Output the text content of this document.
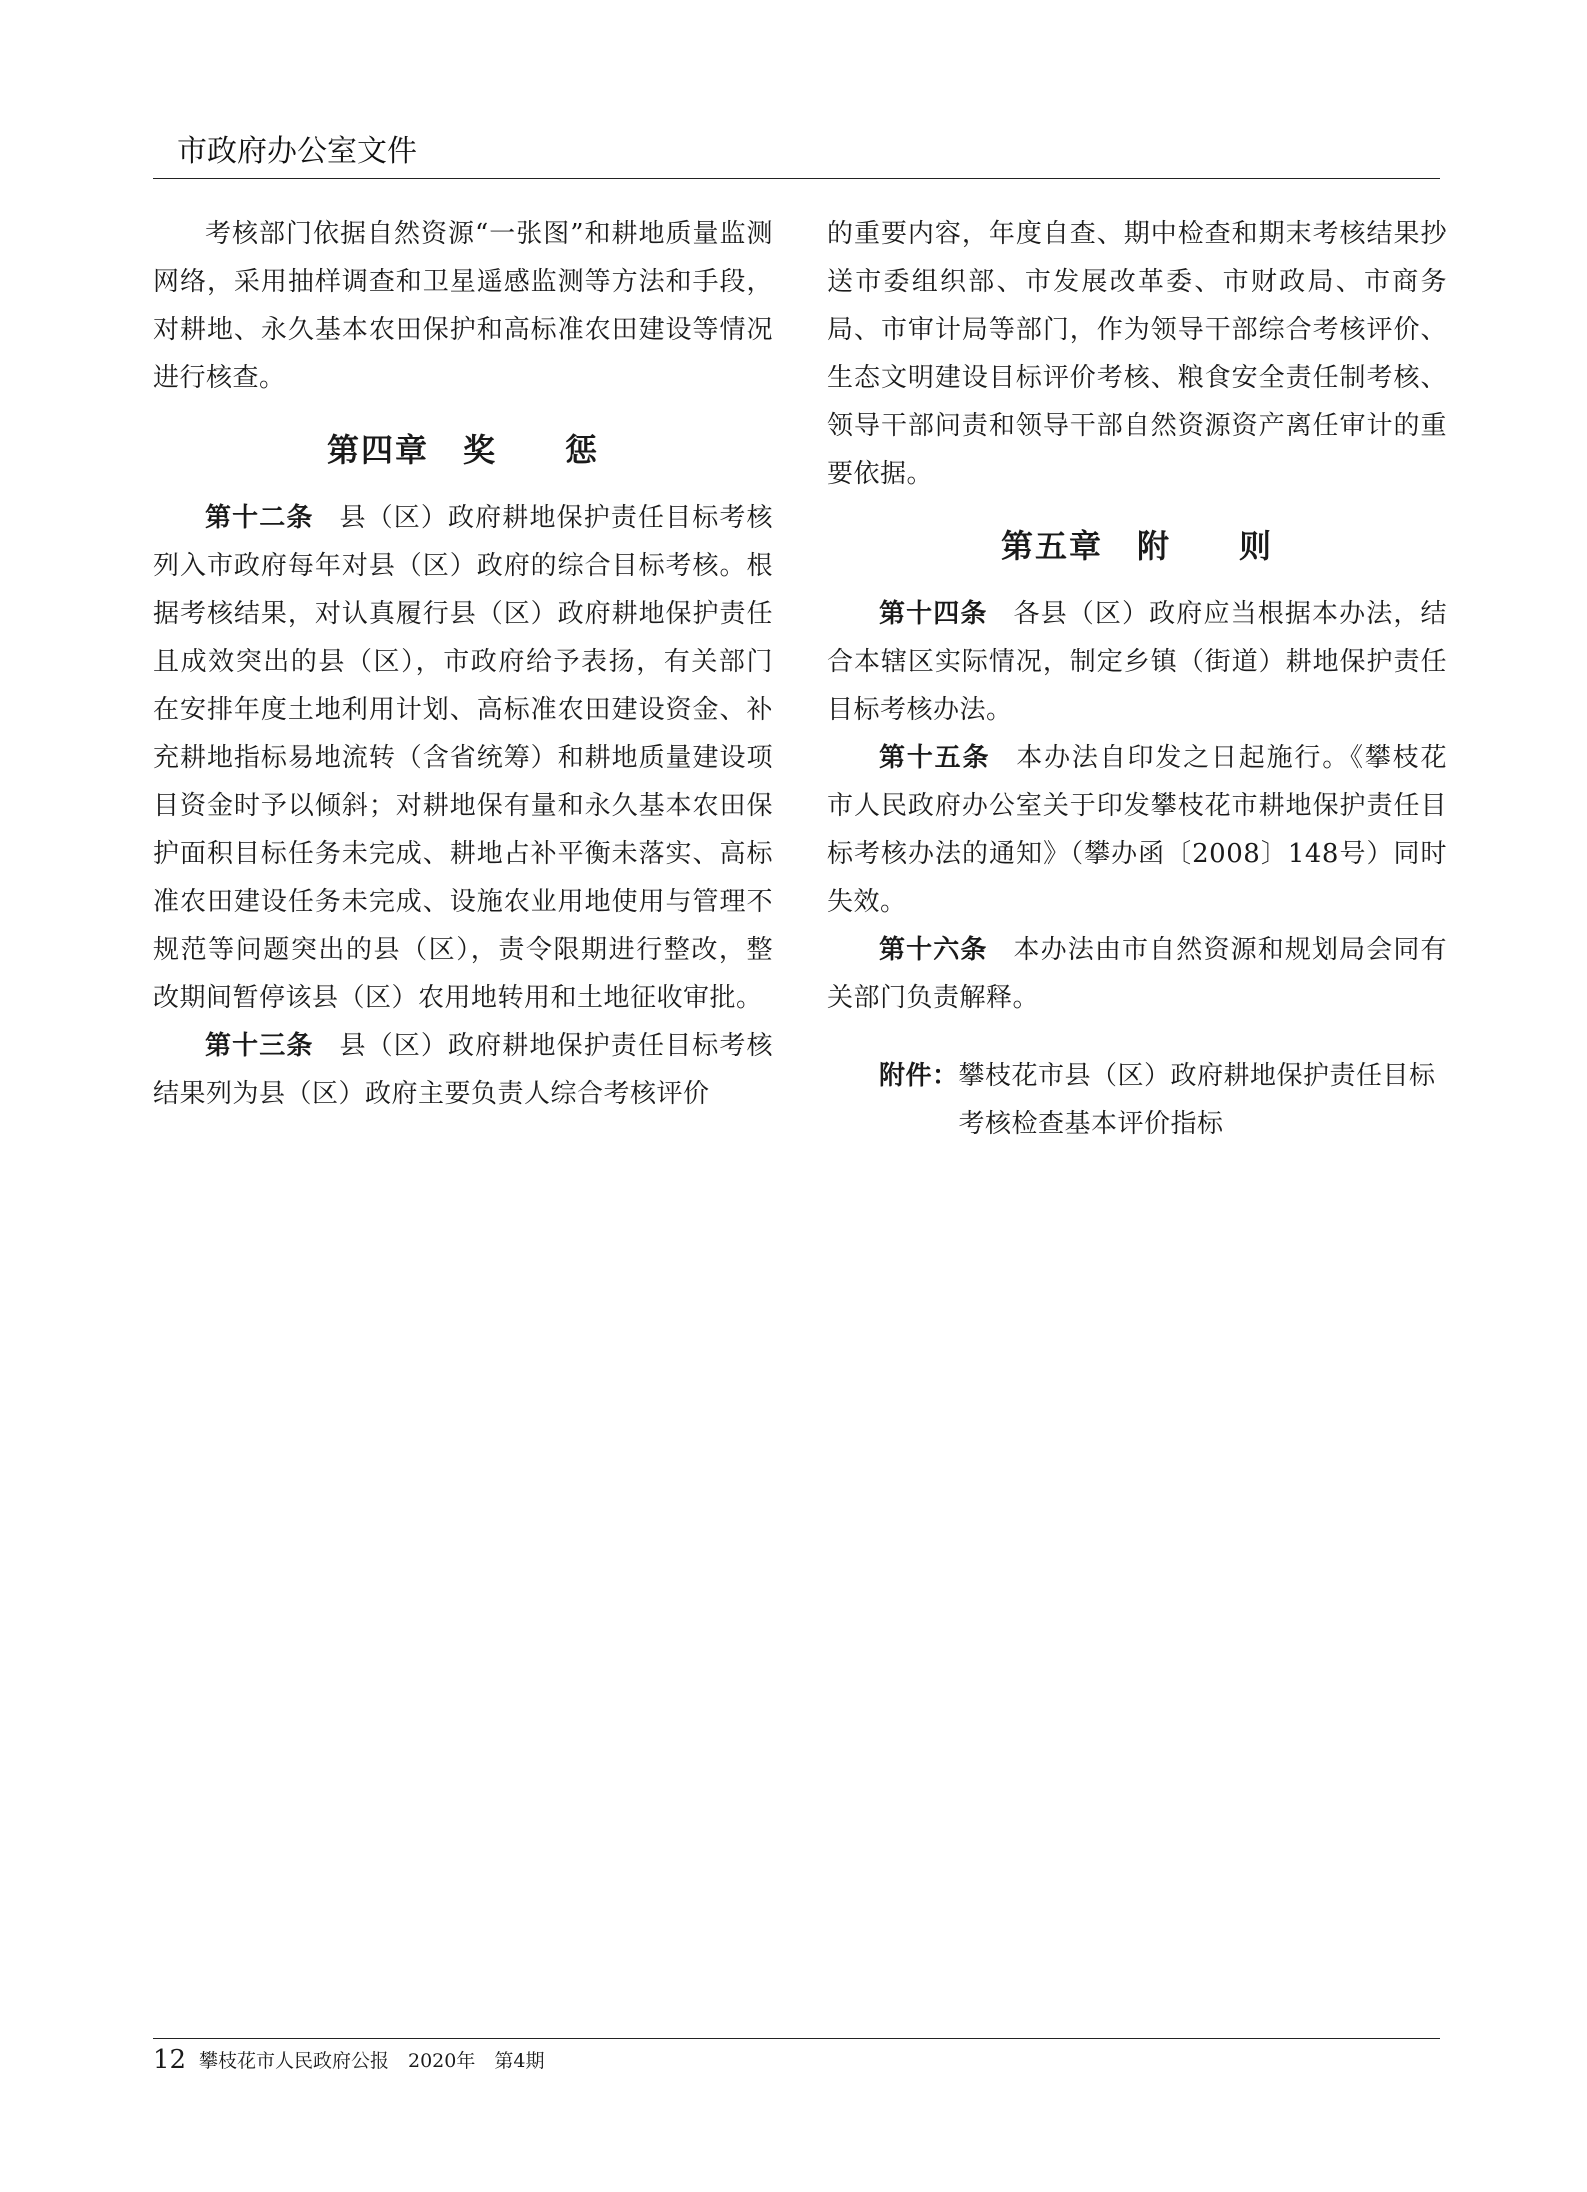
市政府办公室文件

考核部门依据自然资源“一张图”和耕地质量监测网络，采用抽样调查和卫星遥感监测等方法和手段，对耕地、永久基本农田保护和高标准农田建设等情况进行核查。

第四章　奖　　惩

第十二条 县（区）政府耕地保护责任目标考核列入市政府每年对县（区）政府的综合目标考核。根据考核结果，对认真履行县（区）政府耕地保护责任且成效突出的县（区），市政府给予表扬，有关部门在安排年度土地利用计划、高标准农田建设资金、补充耕地指标易地流转（含省统筹）和耕地质量建设项目资金时予以倾斜；对耕地保有量和永久基本农田保护面积目标任务未完成、耕地占补平衡未落实、高标准农田建设任务未完成、设施农业用地使用与管理不规范等问题突出的县（区），责令限期进行整改，整改期间暂停该县（区）农用地转用和土地征收审批。

第十三条 县（区）政府耕地保护责任目标考核结果列为县（区）政府主要负责人综合考核评价

的重要内容，年度自查、期中检查和期末考核结果抄送市委组织部、市发展改革委、市财政局、市商务局、市审计局等部门，作为领导干部综合考核评价、生态文明建设目标评价考核、粮食安全责任制考核、领导干部问责和领导干部自然资源资产离任审计的重要依据。

第五章　附　　则

第十四条 各县（区）政府应当根据本办法，结合本辖区实际情况，制定乡镇（街道）耕地保护责任目标考核办法。

第十五条 本办法自印发之日起施行。《攀枝花市人民政府办公室关于印发攀枝花市耕地保护责任目标考核办法的通知》（攀办函〔2008〕148号）同时失效。

第十六条 本办法由市自然资源和规划局会同有关部门负责解释。

附件： 攀枝花市县（区）政府耕地保护责任目标考核检查基本评价指标
12 攀枝花市人民政府公报　2020年　第4期
